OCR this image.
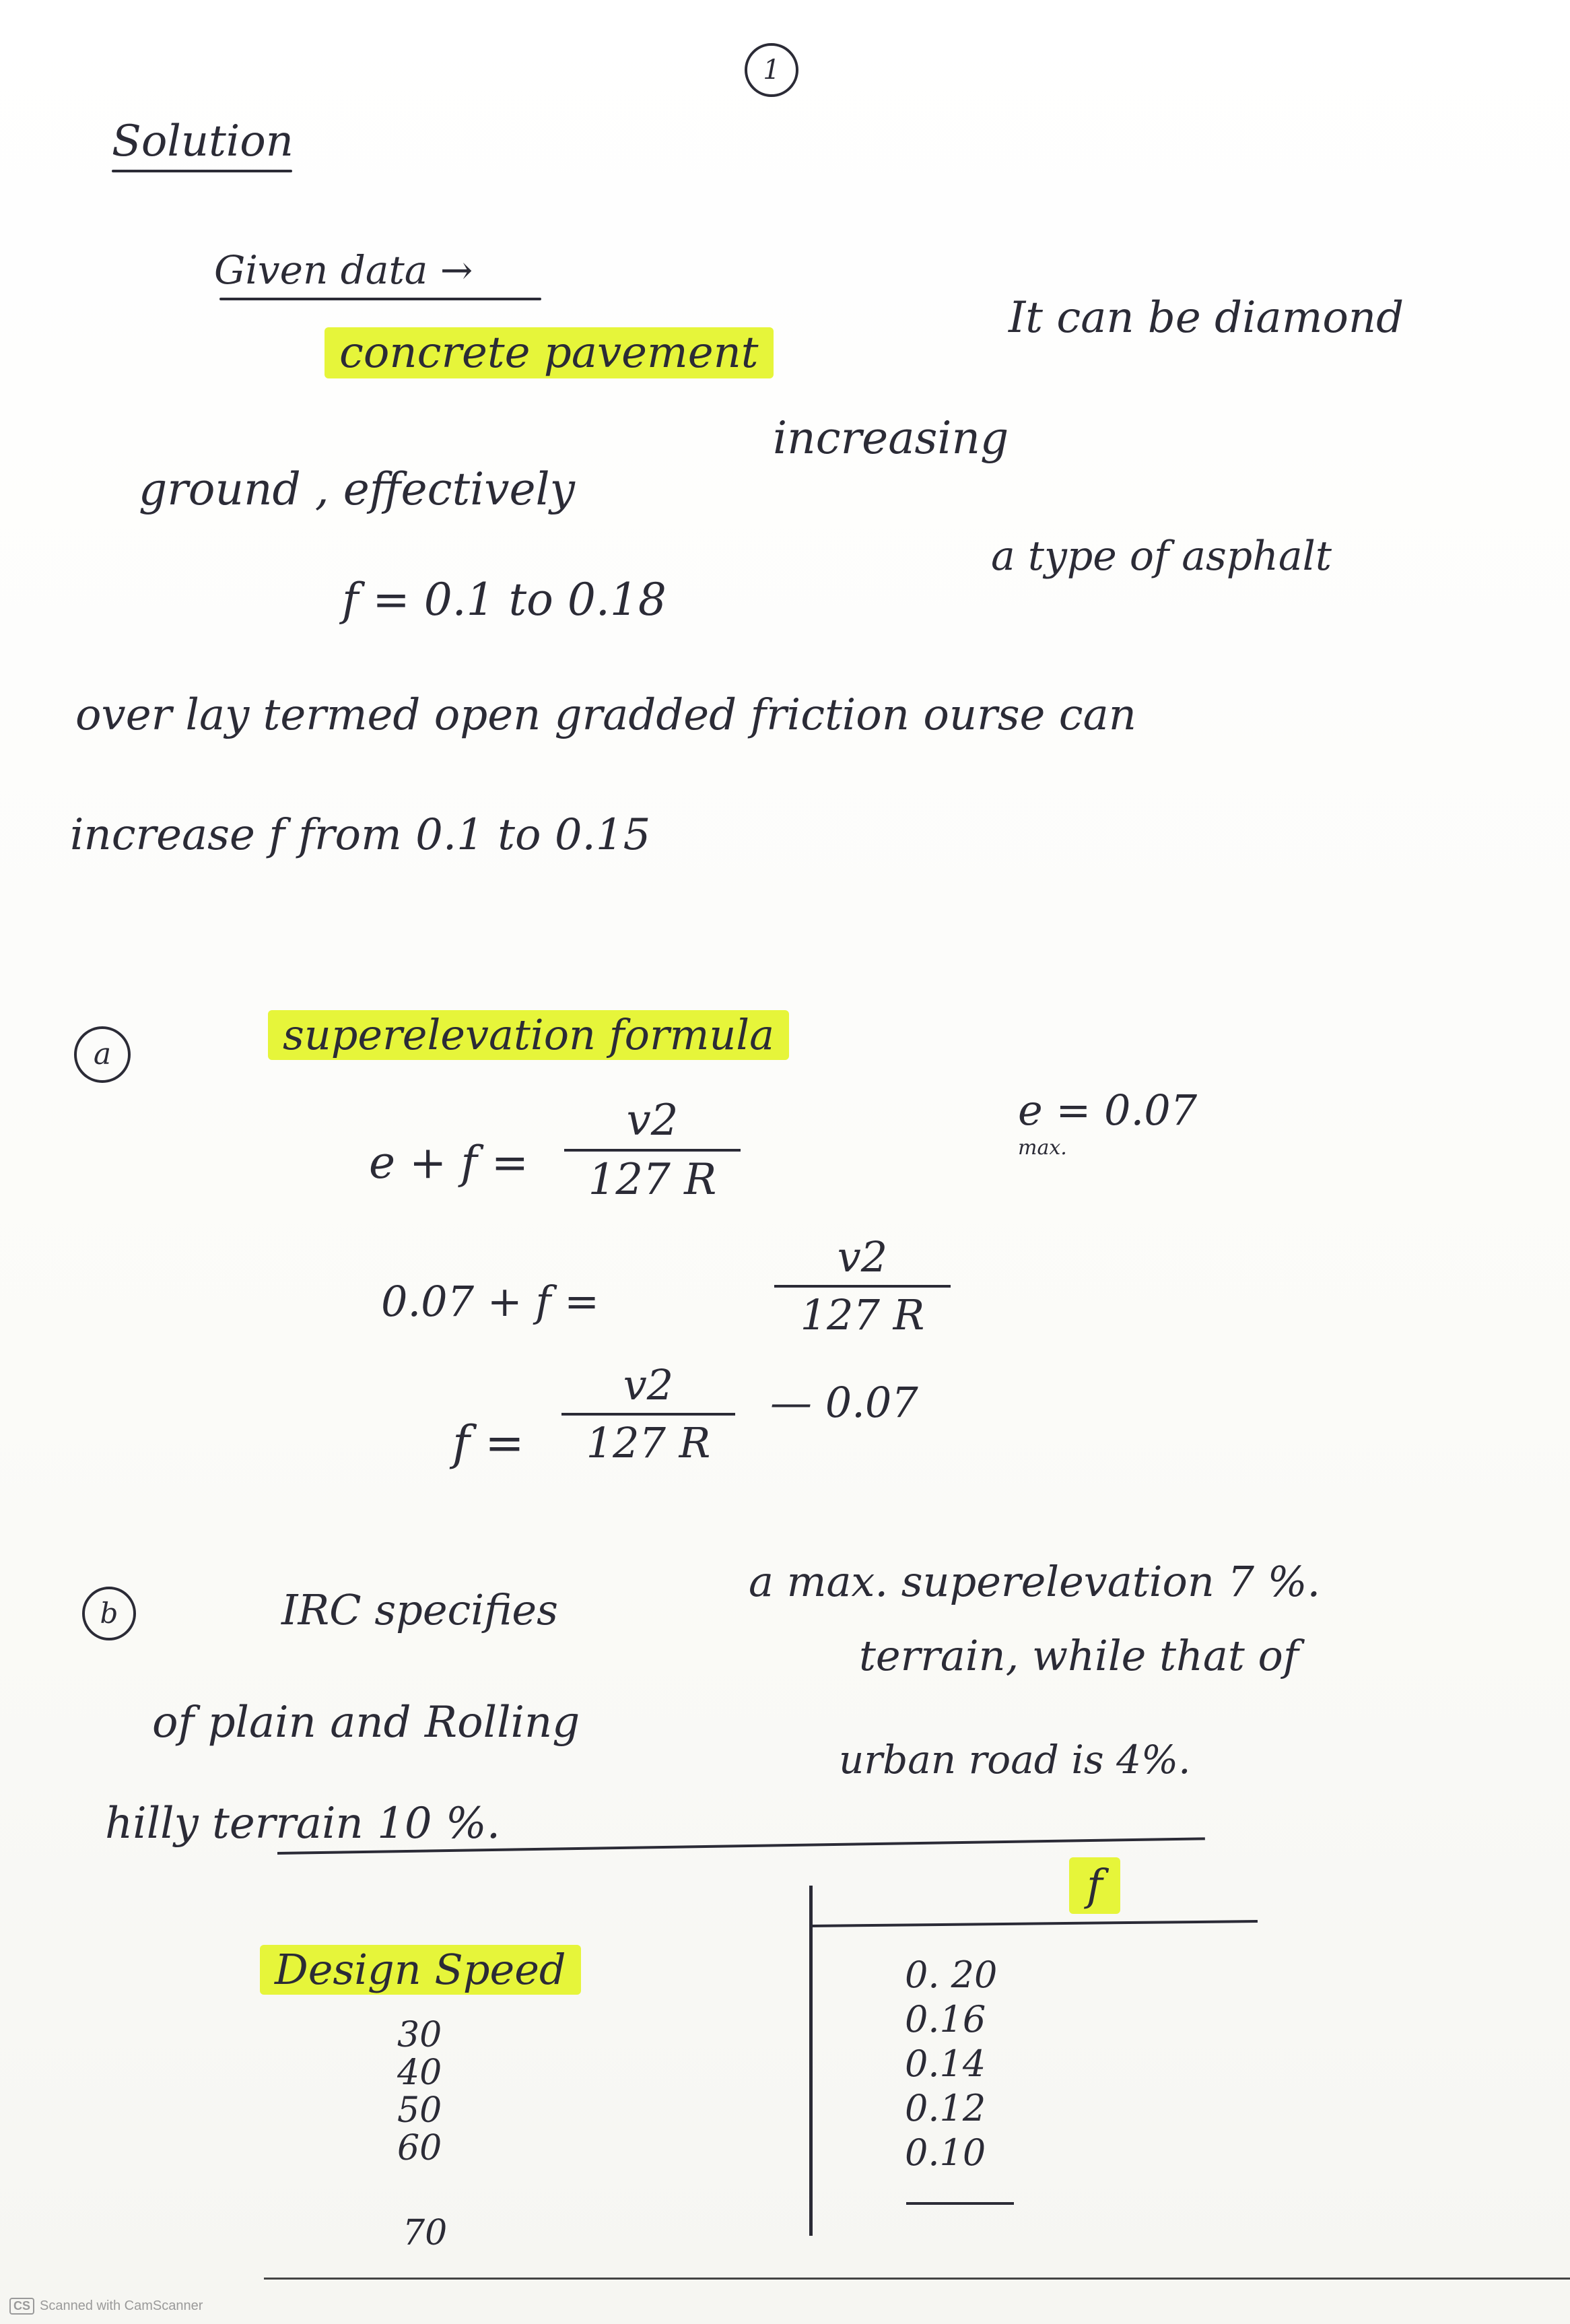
1
Solution
Given data →
concrete pavement
It can be diamond
ground , effectively
increasing
f = 0.1 to 0.18
a type of asphalt
over lay termed open gradded friction ourse can
increase f from 0.1 to 0.15
a	superelevation formula
e + f =
v2
127 R
e = 0.07
max.
0.07 + f =
v2
127 R
f =
v2
127 R
— 0.07
b	IRC specifies
a max. superelevation 7 %.
of plain and Rolling
terrain, while that of
hilly terrain 10 %.
urban road is 4%.
Design Speed
f
30
40
50
60
70
0. 20
0.16
0.14
0.12
0.10
CS Scanned with CamScanner
